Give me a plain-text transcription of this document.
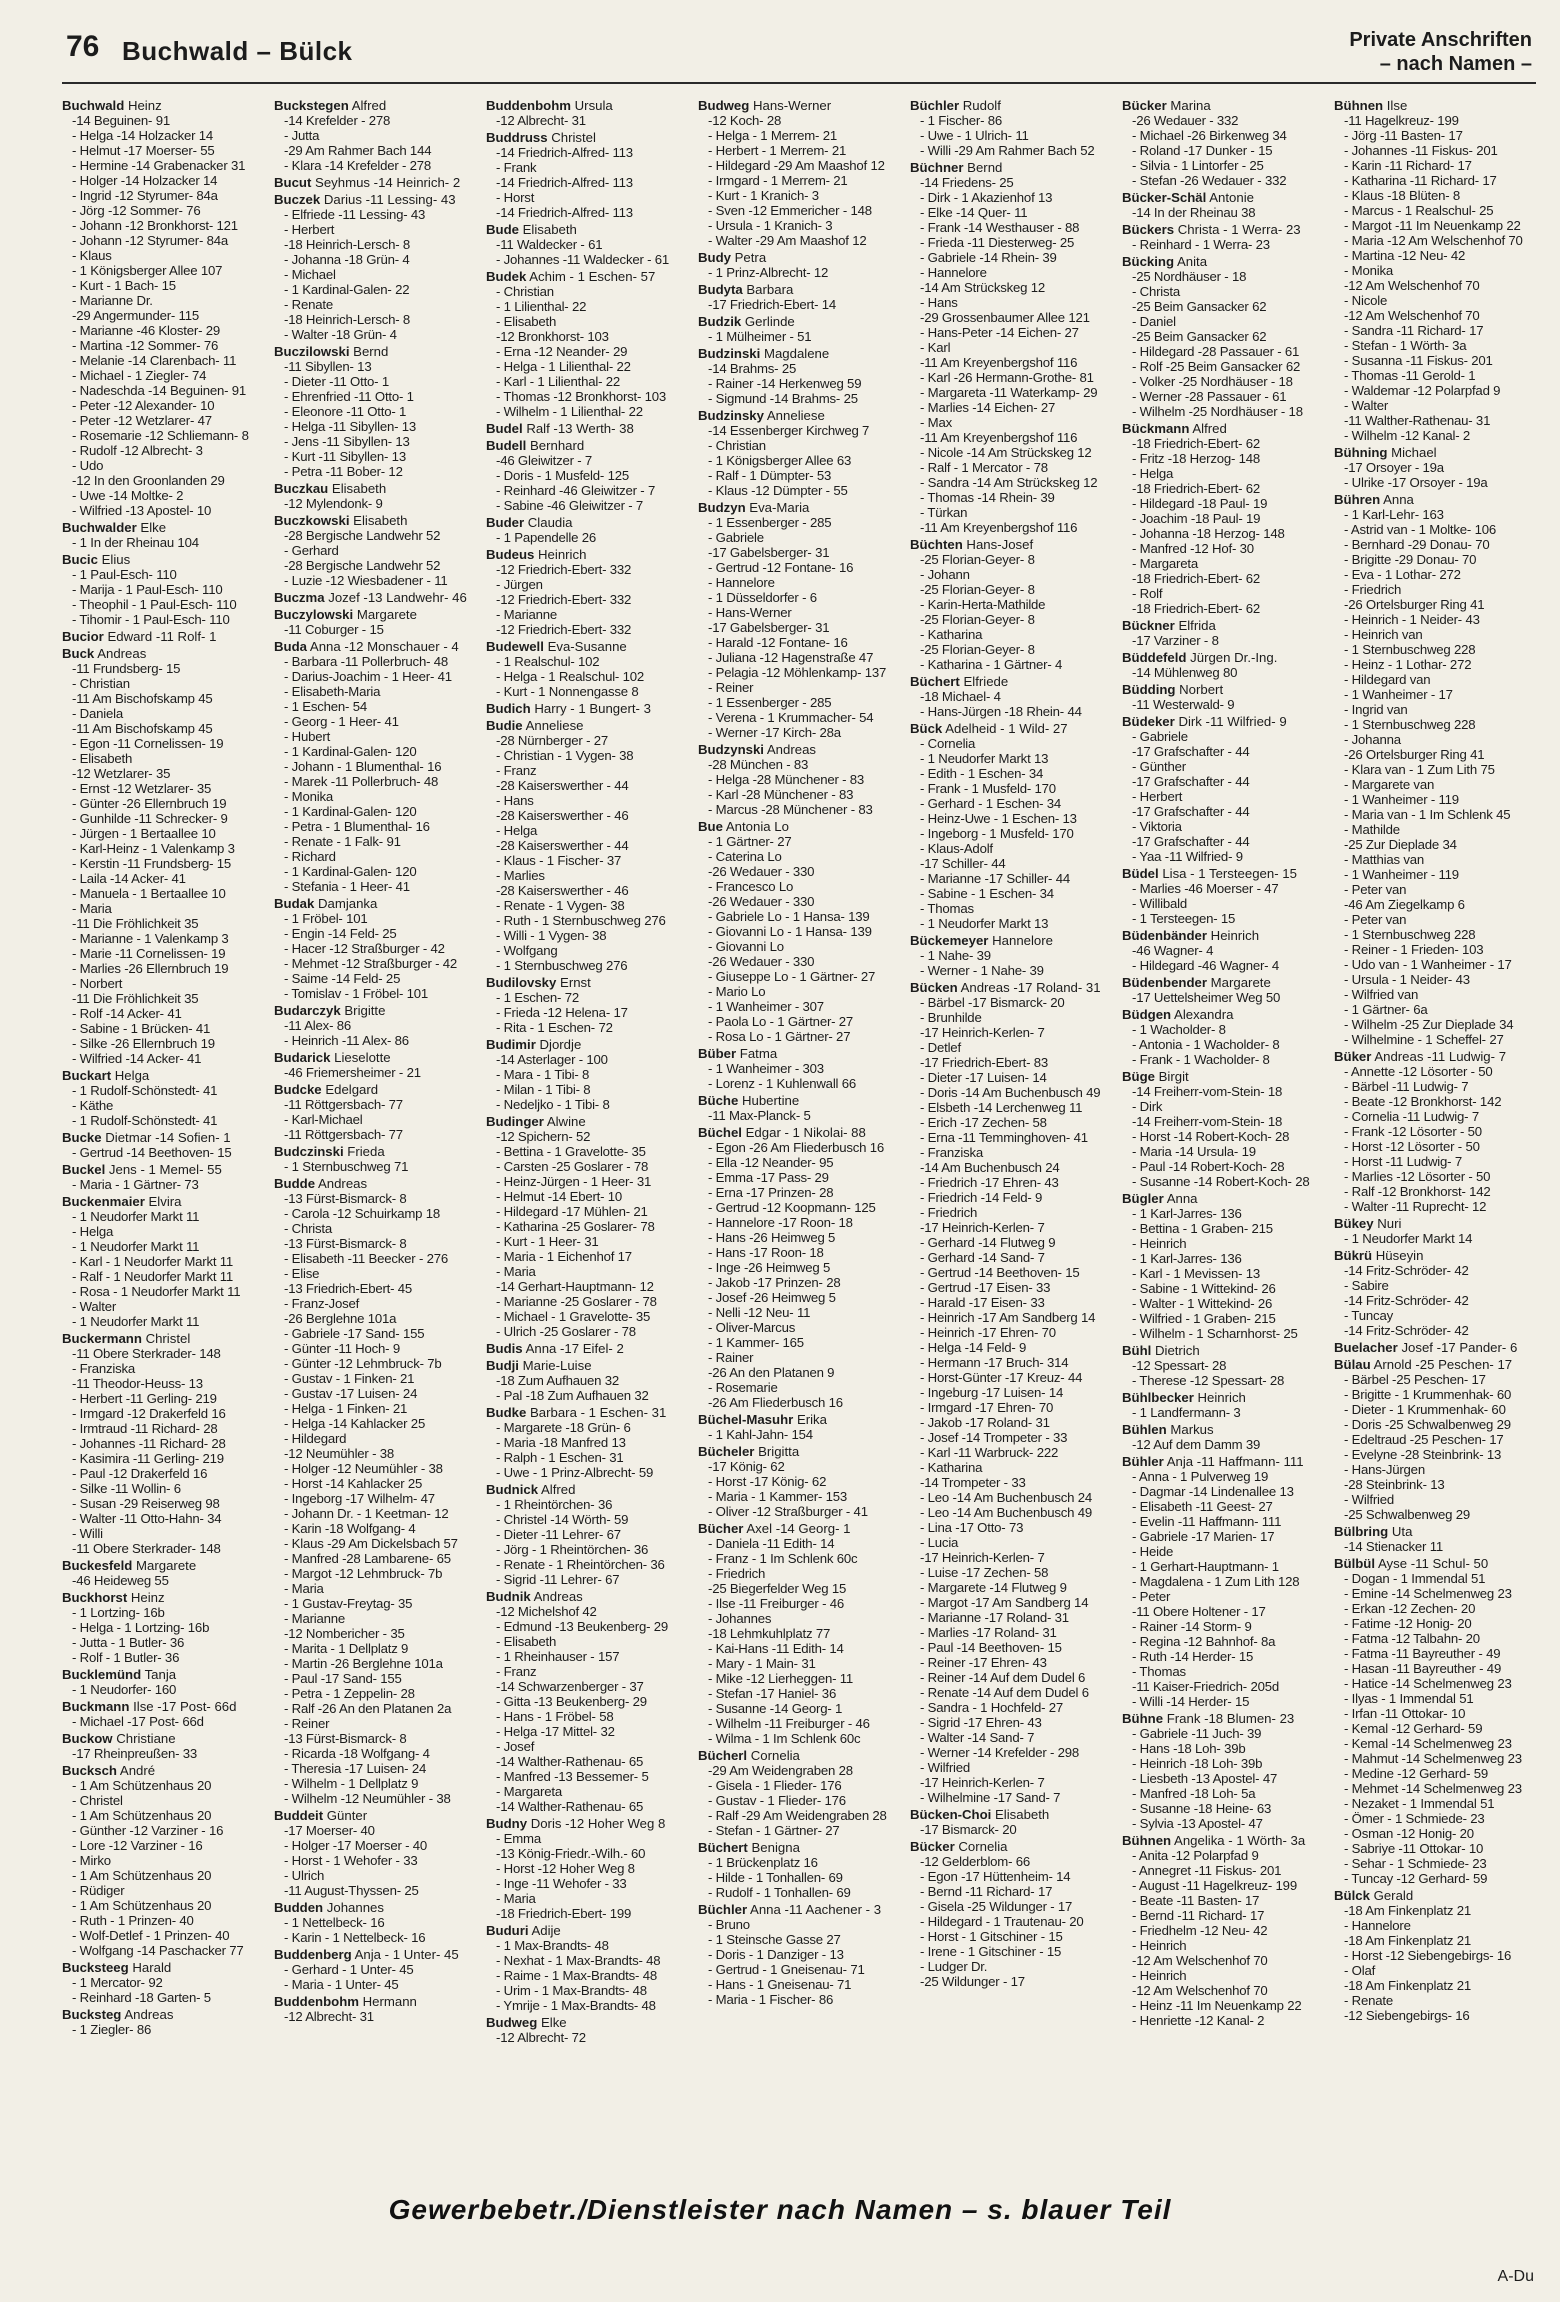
76 Buchwald – Bülck	Private Anschriften
– nach Namen –
Buchwald Heinz
-14 Beguinen- 91
- Helga -14 Holzacker 14
- Helmut -17 Moerser- 55
- Hermine -14 Grabenacker 31
- Holger -14 Holzacker 14
- Ingrid -12 Styrumer- 84a
- Jörg -12 Sommer- 76
- Johann -12 Bronkhorst- 121
- Johann -12 Styrumer- 84a
- Klaus
- 1 Königsberger Allee 107
- Kurt - 1 Bach- 15
- Marianne Dr.
-29 Angermunder- 115
- Marianne -46 Kloster- 29
- Martina -12 Sommer- 76
- Melanie -14 Clarenbach- 11
- Michael - 1 Ziegler- 74
- Nadeschda -14 Beguinen- 91
- Peter -12 Alexander- 10
- Peter -12 Wetzlarer- 47
- Rosemarie -12 Schliemann- 8
- Rudolf -12 Albrecht- 3
- Udo
-12 In den Groonlanden 29
- Uwe -14 Moltke- 2
- Wilfried -13 Apostel- 10
Buchwalder Elke
- 1 In der Rheinau 104
Bucic Elius
- 1 Paul-Esch- 110
- Marija - 1 Paul-Esch- 110
- Theophil - 1 Paul-Esch- 110
- Tihomir - 1 Paul-Esch- 110
Bucior Edward -11 Rolf- 1
Buck Andreas
-11 Frundsberg- 15
- Christian
-11 Am Bischofskamp 45
- Daniela
-11 Am Bischofskamp 45
- Egon -11 Cornelissen- 19
- Elisabeth
-12 Wetzlarer- 35
- Ernst -12 Wetzlarer- 35
- Günter -26 Ellernbruch 19
- Gunhilde -11 Schrecker- 9
- Jürgen - 1 Bertaallee 10
- Karl-Heinz - 1 Valenkamp 3
- Kerstin -11 Frundsberg- 15
- Laila -14 Acker- 41
- Manuela - 1 Bertaallee 10
- Maria
-11 Die Fröhlichkeit 35
- Marianne - 1 Valenkamp 3
- Marie -11 Cornelissen- 19
- Marlies -26 Ellernbruch 19
- Norbert
-11 Die Fröhlichkeit 35
- Rolf -14 Acker- 41
- Sabine - 1 Brücken- 41
- Silke -26 Ellernbruch 19
- Wilfried -14 Acker- 41
Buckart Helga
- 1 Rudolf-Schönstedt- 41
- Käthe
- 1 Rudolf-Schönstedt- 41
Bucke Dietmar -14 Sofien- 1
- Gertrud -14 Beethoven- 15
Buckel Jens - 1 Memel- 55
- Maria - 1 Gärtner- 73
Buckenmaier Elvira
- 1 Neudorfer Markt 11
- Helga
- 1 Neudorfer Markt 11
- Karl - 1 Neudorfer Markt 11
- Ralf - 1 Neudorfer Markt 11
- Rosa - 1 Neudorfer Markt 11
- Walter
- 1 Neudorfer Markt 11
Buckermann Christel
-11 Obere Sterkrader- 148
- Franziska
-11 Theodor-Heuss- 13
- Herbert -11 Gerling- 219
- Irmgard -12 Drakerfeld 16
- Irmtraud -11 Richard- 28
- Johannes -11 Richard- 28
- Kasimira -11 Gerling- 219
- Paul -12 Drakerfeld 16
- Silke -11 Wollin- 6
- Susan -29 Reiserweg 98
- Walter -11 Otto-Hahn- 34
- Willi
-11 Obere Sterkrader- 148
Buckesfeld Margarete
-46 Heideweg 55
Buckhorst Heinz
- 1 Lortzing- 16b
- Helga - 1 Lortzing- 16b
- Jutta - 1 Butler- 36
- Rolf - 1 Butler- 36
Bucklemünd Tanja
- 1 Neudorfer- 160
Buckmann Ilse -17 Post- 66d
- Michael -17 Post- 66d
Buckow Christiane
-17 Rheinpreußen- 33
Bucksch André
- 1 Am Schützenhaus 20
- Christel
- 1 Am Schützenhaus 20
- Günther -12 Varziner - 16
- Lore -12 Varziner - 16
- Mirko
- 1 Am Schützenhaus 20
- Rüdiger
- 1 Am Schützenhaus 20
- Ruth - 1 Prinzen- 40
- Wolf-Detlef - 1 Prinzen- 40
- Wolfgang -14 Paschacker 77
Bucksteeg Harald
- 1 Mercator- 92
- Reinhard -18 Garten- 5
Bucksteg Andreas
- 1 Ziegler- 86
Buckstegen Alfred
-14 Krefelder - 278
- Jutta
-29 Am Rahmer Bach 144
- Klara -14 Krefelder - 278
Bucut Seyhmus -14 Heinrich- 2
Buczek Darius -11 Lessing- 43
- Elfriede -11 Lessing- 43
- Herbert
-18 Heinrich-Lersch- 8
- Johanna -18 Grün- 4
- Michael
- 1 Kardinal-Galen- 22
- Renate
-18 Heinrich-Lersch- 8
- Walter -18 Grün- 4
Buczilowski Bernd
-11 Sibyllen- 13
- Dieter -11 Otto- 1
- Ehrenfried -11 Otto- 1
- Eleonore -11 Otto- 1
- Helga -11 Sibyllen- 13
- Jens -11 Sibyllen- 13
- Kurt -11 Sibyllen- 13
- Petra -11 Bober- 12
Buczkau Elisabeth
-12 Mylendonk- 9
Buczkowski Elisabeth
-28 Bergische Landwehr 52
- Gerhard
-28 Bergische Landwehr 52
- Luzie -12 Wiesbadener - 11
Buczma Jozef -13 Landwehr- 46
Buczylowski Margarete
-11 Coburger - 15
Buda Anna -12 Monschauer - 4
- Barbara -11 Pollerbruch- 48
- Darius-Joachim - 1 Heer- 41
- Elisabeth-Maria
- 1 Eschen- 54
- Georg - 1 Heer- 41
- Hubert
- 1 Kardinal-Galen- 120
- Johann - 1 Blumenthal- 16
- Marek -11 Pollerbruch- 48
- Monika
- 1 Kardinal-Galen- 120
- Petra - 1 Blumenthal- 16
- Renate - 1 Falk- 91
- Richard
- 1 Kardinal-Galen- 120
- Stefania - 1 Heer- 41
Budak Damjanka
- 1 Fröbel- 101
- Engin -14 Feld- 25
- Hacer -12 Straßburger - 42
- Mehmet -12 Straßburger - 42
- Saime -14 Feld- 25
- Tomislav - 1 Fröbel- 101
Budarczyk Brigitte
-11 Alex- 86
- Heinrich -11 Alex- 86
Budarick Lieselotte
-46 Friemersheimer - 21
Budcke Edelgard
-11 Röttgersbach- 77
- Karl-Michael
-11 Röttgersbach- 77
Budczinski Frieda
- 1 Sternbuschweg 71
Budde Andreas
-13 Fürst-Bismarck- 8
- Carola -12 Schuirkamp 18
- Christa
-13 Fürst-Bismarck- 8
- Elisabeth -11 Beecker - 276
- Elise
-13 Friedrich-Ebert- 45
- Franz-Josef
-26 Berglehne 101a
- Gabriele -17 Sand- 155
- Günter -11 Hoch- 9
- Günter -12 Lehmbruck- 7b
- Gustav - 1 Finken- 21
- Gustav -17 Luisen- 24
- Helga - 1 Finken- 21
- Helga -14 Kahlacker 25
- Hildegard
-12 Neumühler - 38
- Holger -12 Neumühler - 38
- Horst -14 Kahlacker 25
- Ingeborg -17 Wilhelm- 47
- Johann Dr. - 1 Keetman- 12
- Karin -18 Wolfgang- 4
- Klaus -29 Am Dickelsbach 57
- Manfred -28 Lambarene- 65
- Margot -12 Lehmbruck- 7b
- Maria
- 1 Gustav-Freytag- 35
- Marianne
-12 Nombericher - 35
- Marita - 1 Dellplatz 9
- Martin -26 Berglehne 101a
- Paul -17 Sand- 155
- Petra - 1 Zeppelin- 28
- Ralf -26 An den Platanen 2a
- Reiner
-13 Fürst-Bismarck- 8
- Ricarda -18 Wolfgang- 4
- Theresia -17 Luisen- 24
- Wilhelm - 1 Dellplatz 9
- Wilhelm -12 Neumühler - 38
Buddeit Günter
-17 Moerser- 40
- Holger -17 Moerser - 40
- Horst - 1 Wehofer - 33
- Ulrich
-11 August-Thyssen- 25
Budden Johannes
- 1 Nettelbeck- 16
- Karin - 1 Nettelbeck- 16
Buddenberg Anja - 1 Unter- 45
- Gerhard - 1 Unter- 45
- Maria - 1 Unter- 45
Buddenbohm Hermann
-12 Albrecht- 31
Buddenbohm Ursula
-12 Albrecht- 31
Buddruss Christel
-14 Friedrich-Alfred- 113
- Frank
-14 Friedrich-Alfred- 113
- Horst
-14 Friedrich-Alfred- 113
Bude Elisabeth
-11 Waldecker - 61
- Johannes -11 Waldecker - 61
Budek Achim - 1 Eschen- 57
- Christian
- 1 Lilienthal- 22
- Elisabeth
-12 Bronkhorst- 103
- Erna -12 Neander- 29
- Helga - 1 Lilienthal- 22
- Karl - 1 Lilienthal- 22
- Thomas -12 Bronkhorst- 103
- Wilhelm - 1 Lilienthal- 22
Budel Ralf -13 Werth- 38
Budell Bernhard
-46 Gleiwitzer - 7
- Doris - 1 Musfeld- 125
- Reinhard -46 Gleiwitzer - 7
- Sabine -46 Gleiwitzer - 7
Buder Claudia
- 1 Papendelle 26
Budeus Heinrich
-12 Friedrich-Ebert- 332
- Jürgen
-12 Friedrich-Ebert- 332
- Marianne
-12 Friedrich-Ebert- 332
Budewell Eva-Susanne
- 1 Realschul- 102
- Helga - 1 Realschul- 102
- Kurt - 1 Nonnengasse 8
Budich Harry - 1 Bungert- 3
Budie Anneliese
-28 Nürnberger - 27
- Christian - 1 Vygen- 38
- Franz
-28 Kaiserswerther - 44
- Hans
-28 Kaiserswerther - 46
- Helga
-28 Kaiserswerther - 44
- Klaus - 1 Fischer- 37
- Marlies
-28 Kaiserswerther - 46
- Renate - 1 Vygen- 38
- Ruth - 1 Sternbuschweg 276
- Willi - 1 Vygen- 38
- Wolfgang
- 1 Sternbuschweg 276
Budilovsky Ernst
- 1 Eschen- 72
- Frieda -12 Helena- 17
- Rita - 1 Eschen- 72
Budimir Djordje
-14 Asterlager - 100
- Mara - 1 Tibi- 8
- Milan - 1 Tibi- 8
- Nedeljko - 1 Tibi- 8
Budinger Alwine
-12 Spichern- 52
- Bettina - 1 Gravelotte- 35
- Carsten -25 Goslarer - 78
- Heinz-Jürgen - 1 Heer- 31
- Helmut -14 Ebert- 10
- Hildegard -17 Mühlen- 21
- Katharina -25 Goslarer- 78
- Kurt - 1 Heer- 31
- Maria - 1 Eichenhof 17
- Maria
-14 Gerhart-Hauptmann- 12
- Marianne -25 Goslarer - 78
- Michael - 1 Gravelotte- 35
- Ulrich -25 Goslarer - 78
Budis Anna -17 Eifel- 2
Budji Marie-Luise
-18 Zum Aufhauen 32
- Pal -18 Zum Aufhauen 32
Budke Barbara - 1 Eschen- 31
- Margarete -18 Grün- 6
- Maria -18 Manfred 13
- Ralph - 1 Eschen- 31
- Uwe - 1 Prinz-Albrecht- 59
Budnick Alfred
- 1 Rheintörchen- 36
- Christel -14 Wörth- 59
- Dieter -11 Lehrer- 67
- Jörg - 1 Rheintörchen- 36
- Renate - 1 Rheintörchen- 36
- Sigrid -11 Lehrer- 67
Budnik Andreas
-12 Michelshof 42
- Edmund -13 Beukenberg- 29
- Elisabeth
- 1 Rheinhauser - 157
- Franz
-14 Schwarzenberger - 37
- Gitta -13 Beukenberg- 29
- Hans - 1 Fröbel- 58
- Helga -17 Mittel- 32
- Josef
-14 Walther-Rathenau- 65
- Manfred -13 Bessemer- 5
- Margareta
-14 Walther-Rathenau- 65
Budny Doris -12 Hoher Weg 8
- Emma
-13 König-Friedr.-Wilh.- 60
- Horst -12 Hoher Weg 8
- Inge -11 Wehofer - 33
- Maria
-18 Friedrich-Ebert- 199
Buduri Adije
- 1 Max-Brandts- 48
- Nexhat - 1 Max-Brandts- 48
- Raime - 1 Max-Brandts- 48
- Urim - 1 Max-Brandts- 48
- Ymrije - 1 Max-Brandts- 48
Budweg Elke
-12 Albrecht- 72
Budweg Hans-Werner
-12 Koch- 28
- Helga - 1 Merrem- 21
- Herbert - 1 Merrem- 21
- Hildegard -29 Am Maashof 12
- Irmgard - 1 Merrem- 21
- Kurt - 1 Kranich- 3
- Sven -12 Emmericher - 148
- Ursula - 1 Kranich- 3
- Walter -29 Am Maashof 12
Budy Petra
- 1 Prinz-Albrecht- 12
Budyta Barbara
-17 Friedrich-Ebert- 14
Budzik Gerlinde
- 1 Mülheimer - 51
Budzinski Magdalene
-14 Brahms- 25
- Rainer -14 Herkenweg 59
- Sigmund -14 Brahms- 25
Budzinsky Anneliese
-14 Essenberger Kirchweg 7
- Christian
- 1 Königsberger Allee 63
- Ralf - 1 Dümpter- 53
- Klaus -12 Dümpter - 55
Budzyn Eva-Maria
- 1 Essenberger - 285
- Gabriele
-17 Gabelsberger- 31
- Gertrud -12 Fontane- 16
- Hannelore
- 1 Düsseldorfer - 6
- Hans-Werner
-17 Gabelsberger- 31
- Harald -12 Fontane- 16
- Juliana -12 Hagenstraße 47
- Pelagia -12 Möhlenkamp- 137
- Reiner
- 1 Essenberger - 285
- Verena - 1 Krummacher- 54
- Werner -17 Kirch- 28a
Budzynski Andreas
-28 München - 83
- Helga -28 Münchener - 83
- Karl -28 Münchener - 83
- Marcus -28 Münchener - 83
Bue Antonia Lo
- 1 Gärtner- 27
- Caterina Lo
-26 Wedauer - 330
- Francesco Lo
-26 Wedauer - 330
- Gabriele Lo - 1 Hansa- 139
- Giovanni Lo - 1 Hansa- 139
- Giovanni Lo
-26 Wedauer - 330
- Giuseppe Lo - 1 Gärtner- 27
- Mario Lo
- 1 Wanheimer - 307
- Paola Lo - 1 Gärtner- 27
- Rosa Lo - 1 Gärtner- 27
Büber Fatma
- 1 Wanheimer - 303
- Lorenz - 1 Kuhlenwall 66
Büche Hubertine
-11 Max-Planck- 5
Büchel Edgar - 1 Nikolai- 88
- Egon -26 Am Fliederbusch 16
- Ella -12 Neander- 95
- Emma -17 Pass- 29
- Erna -17 Prinzen- 28
- Gertrud -12 Koopmann- 125
- Hannelore -17 Roon- 18
- Hans -26 Heimweg 5
- Hans -17 Roon- 18
- Inge -26 Heimweg 5
- Jakob -17 Prinzen- 28
- Josef -26 Heimweg 5
- Nelli -12 Neu- 11
- Oliver-Marcus
- 1 Kammer- 165
- Rainer
-26 An den Platanen 9
- Rosemarie
-26 Am Fliederbusch 16
Büchel-Masuhr Erika
- 1 Kahl-Jahn- 154
Bücheler Brigitta
-17 König- 62
- Horst -17 König- 62
- Maria - 1 Kammer- 153
- Oliver -12 Straßburger - 41
Bücher Axel -14 Georg- 1
- Daniela -11 Edith- 14
- Franz - 1 Im Schlenk 60c
- Friedrich
-25 Biegerfelder Weg 15
- Ilse -11 Freiburger - 46
- Johannes
-18 Lehmkuhlplatz 77
- Kai-Hans -11 Edith- 14
- Mary - 1 Main- 31
- Mike -12 Lierheggen- 11
- Stefan -17 Haniel- 36
- Susanne -14 Georg- 1
- Wilhelm -11 Freiburger - 46
- Wilma - 1 Im Schlenk 60c
Bücherl Cornelia
-29 Am Weidengraben 28
- Gisela - 1 Flieder- 176
- Gustav - 1 Flieder- 176
- Ralf -29 Am Weidengraben 28
- Stefan - 1 Gärtner- 27
Büchert Benigna
- 1 Brückenplatz 16
- Hilde - 1 Tonhallen- 69
- Rudolf - 1 Tonhallen- 69
Büchler Anna -11 Aachener - 3
- Bruno
- 1 Steinsche Gasse 27
- Doris - 1 Danziger - 13
- Gertrud - 1 Gneisenau- 71
- Hans - 1 Gneisenau- 71
- Maria - 1 Fischer- 86
Büchler Rudolf
- 1 Fischer- 86
- Uwe - 1 Ulrich- 11
- Willi -29 Am Rahmer Bach 52
Büchner Bernd
-14 Friedens- 25
- Dirk - 1 Akazienhof 13
- Elke -14 Quer- 11
- Frank -14 Westhauser - 88
- Frieda -11 Diesterweg- 25
- Gabriele -14 Rhein- 39
- Hannelore
-14 Am Strückskeg 12
- Hans
-29 Grossenbaumer Allee 121
- Hans-Peter -14 Eichen- 27
- Karl
-11 Am Kreyenbergshof 116
- Karl -26 Hermann-Grothe- 81
- Margareta -11 Waterkamp- 29
- Marlies -14 Eichen- 27
- Max
-11 Am Kreyenbergshof 116
- Nicole -14 Am Strückskeg 12
- Ralf - 1 Mercator - 78
- Sandra -14 Am Strückskeg 12
- Thomas -14 Rhein- 39
- Türkan
-11 Am Kreyenbergshof 116
Büchten Hans-Josef
-25 Florian-Geyer- 8
- Johann
-25 Florian-Geyer- 8
- Karin-Herta-Mathilde
-25 Florian-Geyer- 8
- Katharina
-25 Florian-Geyer- 8
- Katharina - 1 Gärtner- 4
Büchert Elfriede
-18 Michael- 4
- Hans-Jürgen -18 Rhein- 44
Bück Adelheid - 1 Wild- 27
- Cornelia
- 1 Neudorfer Markt 13
- Edith - 1 Eschen- 34
- Frank - 1 Musfeld- 170
- Gerhard - 1 Eschen- 34
- Heinz-Uwe - 1 Eschen- 13
- Ingeborg - 1 Musfeld- 170
- Klaus-Adolf
-17 Schiller- 44
- Marianne -17 Schiller- 44
- Sabine - 1 Eschen- 34
- Thomas
- 1 Neudorfer Markt 13
Bückemeyer Hannelore
- 1 Nahe- 39
- Werner - 1 Nahe- 39
Bücken Andreas -17 Roland- 31
- Bärbel -17 Bismarck- 20
- Brunhilde
-17 Heinrich-Kerlen- 7
- Detlef
-17 Friedrich-Ebert- 83
- Dieter -17 Luisen- 14
- Doris -14 Am Buchenbusch 49
- Elsbeth -14 Lerchenweg 11
- Erich -17 Zechen- 58
- Erna -11 Temminghoven- 41
- Franziska
-14 Am Buchenbusch 24
- Friedrich -17 Ehren- 43
- Friedrich -14 Feld- 9
- Friedrich
-17 Heinrich-Kerlen- 7
- Gerhard -14 Flutweg 9
- Gerhard -14 Sand- 7
- Gertrud -14 Beethoven- 15
- Gertrud -17 Eisen- 33
- Harald -17 Eisen- 33
- Heinrich -17 Am Sandberg 14
- Heinrich -17 Ehren- 70
- Helga -14 Feld- 9
- Hermann -17 Bruch- 314
- Horst-Günter -17 Kreuz- 44
- Ingeburg -17 Luisen- 14
- Irmgard -17 Ehren- 70
- Jakob -17 Roland- 31
- Josef -14 Trompeter - 33
- Karl -11 Warbruck- 222
- Katharina
-14 Trompeter - 33
- Leo -14 Am Buchenbusch 24
- Leo -14 Am Buchenbusch 49
- Lina -17 Otto- 73
- Lucia
-17 Heinrich-Kerlen- 7
- Luise -17 Zechen- 58
- Margarete -14 Flutweg 9
- Margot -17 Am Sandberg 14
- Marianne -17 Roland- 31
- Marlies -17 Roland- 31
- Paul -14 Beethoven- 15
- Reiner -17 Ehren- 43
- Reiner -14 Auf dem Dudel 6
- Renate -14 Auf dem Dudel 6
- Sandra - 1 Hochfeld- 27
- Sigrid -17 Ehren- 43
- Walter -14 Sand- 7
- Werner -14 Krefelder - 298
- Wilfried
-17 Heinrich-Kerlen- 7
- Wilhelmine -17 Sand- 7
Bücken-Choi Elisabeth
-17 Bismarck- 20
Bücker Cornelia
-12 Gelderblom- 66
- Egon -17 Hüttenheim- 14
- Bernd -11 Richard- 17
- Gisela -25 Wildunger - 17
- Hildegard - 1 Trautenau- 20
- Horst - 1 Gitschiner - 15
- Irene - 1 Gitschiner - 15
- Ludger Dr.
-25 Wildunger - 17
Bücker Marina
-26 Wedauer - 332
- Michael -26 Birkenweg 34
- Roland -17 Dunker - 15
- Silvia - 1 Lintorfer - 25
- Stefan -26 Wedauer - 332
Bücker-Schäl Antonie
-14 In der Rheinau 38
Bückers Christa - 1 Werra- 23
- Reinhard - 1 Werra- 23
Bücking Anita
-25 Nordhäuser - 18
- Christa
-25 Beim Gansacker 62
- Daniel
-25 Beim Gansacker 62
- Hildegard -28 Passauer - 61
- Rolf -25 Beim Gansacker 62
- Volker -25 Nordhäuser - 18
- Werner -28 Passauer - 61
- Wilhelm -25 Nordhäuser - 18
Bückmann Alfred
-18 Friedrich-Ebert- 62
- Fritz -18 Herzog- 148
- Helga
-18 Friedrich-Ebert- 62
- Hildegard -18 Paul- 19
- Joachim -18 Paul- 19
- Johanna -18 Herzog- 148
- Manfred -12 Hof- 30
- Margareta
-18 Friedrich-Ebert- 62
- Rolf
-18 Friedrich-Ebert- 62
Bückner Elfrida
-17 Varziner - 8
Büddefeld Jürgen Dr.-Ing.
-14 Mühlenweg 80
Büdding Norbert
-11 Westerwald- 9
Büdeker Dirk -11 Wilfried- 9
- Gabriele
-17 Grafschafter - 44
- Günther
-17 Grafschafter - 44
- Herbert
-17 Grafschafter - 44
- Viktoria
-17 Grafschafter - 44
- Yaa -11 Wilfried- 9
Büdel Lisa - 1 Tersteegen- 15
- Marlies -46 Moerser - 47
- Willibald
- 1 Tersteegen- 15
Büdenbänder Heinrich
-46 Wagner- 4
- Hildegard -46 Wagner- 4
Büdenbender Margarete
-17 Uettelsheimer Weg 50
Büdgen Alexandra
- 1 Wacholder- 8
- Antonia - 1 Wacholder- 8
- Frank - 1 Wacholder- 8
Büge Birgit
-14 Freiherr-vom-Stein- 18
- Dirk
-14 Freiherr-vom-Stein- 18
- Horst -14 Robert-Koch- 28
- Maria -14 Ursula- 19
- Paul -14 Robert-Koch- 28
- Susanne -14 Robert-Koch- 28
Bügler Anna
- 1 Karl-Jarres- 136
- Bettina - 1 Graben- 215
- Heinrich
- 1 Karl-Jarres- 136
- Karl - 1 Mevissen- 13
- Sabine - 1 Wittekind- 26
- Walter - 1 Wittekind- 26
- Wilfried - 1 Graben- 215
- Wilhelm - 1 Scharnhorst- 25
Bühl Dietrich
-12 Spessart- 28
- Therese -12 Spessart- 28
Bühlbecker Heinrich
- 1 Landfermann- 3
Bühlen Markus
-12 Auf dem Damm 39
Bühler Anja -11 Haffmann- 111
- Anna - 1 Pulverweg 19
- Dagmar -14 Lindenallee 13
- Elisabeth -11 Geest- 27
- Evelin -11 Haffmann- 111
- Gabriele -17 Marien- 17
- Heide
- 1 Gerhart-Hauptmann- 1
- Magdalena - 1 Zum Lith 128
- Peter
-11 Obere Holtener - 17
- Rainer -14 Storm- 9
- Regina -12 Bahnhof- 8a
- Ruth -14 Herder- 15
- Thomas
-11 Kaiser-Friedrich- 205d
- Willi -14 Herder- 15
Bühne Frank -18 Blumen- 23
- Gabriele -11 Juch- 39
- Hans -18 Loh- 39b
- Heinrich -18 Loh- 39b
- Liesbeth -13 Apostel- 47
- Manfred -18 Loh- 5a
- Susanne -18 Heine- 63
- Sylvia -13 Apostel- 47
Bühnen Angelika - 1 Wörth- 3a
- Anita -12 Polarpfad 9
- Annegret -11 Fiskus- 201
- August -11 Hagelkreuz- 199
- Beate -11 Basten- 17
- Bernd -11 Richard- 17
- Friedhelm -12 Neu- 42
- Heinrich
-12 Am Welschenhof 70
- Heinrich
-12 Am Welschenhof 70
- Heinz -11 Im Neuenkamp 22
- Henriette -12 Kanal- 2
Bühnen Ilse
-11 Hagelkreuz- 199
- Jörg -11 Basten- 17
- Johannes -11 Fiskus- 201
- Karin -11 Richard- 17
- Katharina -11 Richard- 17
- Klaus -18 Blüten- 8
- Marcus - 1 Realschul- 25
- Margot -11 Im Neuenkamp 22
- Maria -12 Am Welschenhof 70
- Martina -12 Neu- 42
- Monika
-12 Am Welschenhof 70
- Nicole
-12 Am Welschenhof 70
- Sandra -11 Richard- 17
- Stefan - 1 Wörth- 3a
- Susanna -11 Fiskus- 201
- Thomas -11 Gerold- 1
- Waldemar -12 Polarpfad 9
- Walter
-11 Walther-Rathenau- 31
- Wilhelm -12 Kanal- 2
Bühning Michael
-17 Orsoyer - 19a
- Ulrike -17 Orsoyer - 19a
Bühren Anna
- 1 Karl-Lehr- 163
- Astrid van - 1 Moltke- 106
- Bernhard -29 Donau- 70
- Brigitte -29 Donau- 70
- Eva - 1 Lothar- 272
- Friedrich
-26 Ortelsburger Ring 41
- Heinrich - 1 Neider- 43
- Heinrich van
- 1 Sternbuschweg 228
- Heinz - 1 Lothar- 272
- Hildegard van
- 1 Wanheimer - 17
- Ingrid van
- 1 Sternbuschweg 228
- Johanna
-26 Ortelsburger Ring 41
- Klara van - 1 Zum Lith 75
- Margarete van
- 1 Wanheimer - 119
- Maria van - 1 Im Schlenk 45
- Mathilde
-25 Zur Dieplade 34
- Matthias van
- 1 Wanheimer - 119
- Peter van
-46 Am Ziegelkamp 6
- Peter van
- 1 Sternbuschweg 228
- Reiner - 1 Frieden- 103
- Udo van - 1 Wanheimer - 17
- Ursula - 1 Neider- 43
- Wilfried van
- 1 Gärtner- 6a
- Wilhelm -25 Zur Dieplade 34
- Wilhelmine - 1 Scheffel- 27
Büker Andreas -11 Ludwig- 7
- Annette -12 Lösorter - 50
- Bärbel -11 Ludwig- 7
- Beate -12 Bronkhorst- 142
- Cornelia -11 Ludwig- 7
- Frank -12 Lösorter - 50
- Horst -12 Lösorter - 50
- Horst -11 Ludwig- 7
- Marlies -12 Lösorter - 50
- Ralf -12 Bronkhorst- 142
- Walter -11 Ruprecht- 12
Bükey Nuri
- 1 Neudorfer Markt 14
Bükrü Hüseyin
-14 Fritz-Schröder- 42
- Sabire
-14 Fritz-Schröder- 42
- Tuncay
-14 Fritz-Schröder- 42
Buelacher Josef -17 Pander- 6
Bülau Arnold -25 Peschen- 17
- Bärbel -25 Peschen- 17
- Brigitte - 1 Krummenhak- 60
- Dieter - 1 Krummenhak- 60
- Doris -25 Schwalbenweg 29
- Edeltraud -25 Peschen- 17
- Evelyne -28 Steinbrink- 13
- Hans-Jürgen
-28 Steinbrink- 13
- Wilfried
-25 Schwalbenweg 29
Bülbring Uta
-14 Stienacker 11
Bülbül Ayse -11 Schul- 50
- Dogan - 1 Immendal 51
- Emine -14 Schelmenweg 23
- Erkan -12 Zechen- 20
- Fatime -12 Honig- 20
- Fatma -12 Talbahn- 20
- Fatma -11 Bayreuther - 49
- Hasan -11 Bayreuther - 49
- Hatice -14 Schelmenweg 23
- Ilyas - 1 Immendal 51
- Irfan -11 Ottokar- 10
- Kemal -12 Gerhard- 59
- Kemal -14 Schelmenweg 23
- Mahmut -14 Schelmenweg 23
- Medine -12 Gerhard- 59
- Mehmet -14 Schelmenweg 23
- Nezaket - 1 Immendal 51
- Ömer - 1 Schmiede- 23
- Osman -12 Honig- 20
- Sabriye -11 Ottokar- 10
- Sehar - 1 Schmiede- 23
- Tuncay -12 Gerhard- 59
Bülck Gerald
-18 Am Finkenplatz 21
- Hannelore
-18 Am Finkenplatz 21
- Horst -12 Siebengebirgs- 16
- Olaf
-18 Am Finkenplatz 21
- Renate
-12 Siebengebirgs- 16
Gewerbebetr./Dienstleister nach Namen – s. blauer Teil
A-Du
